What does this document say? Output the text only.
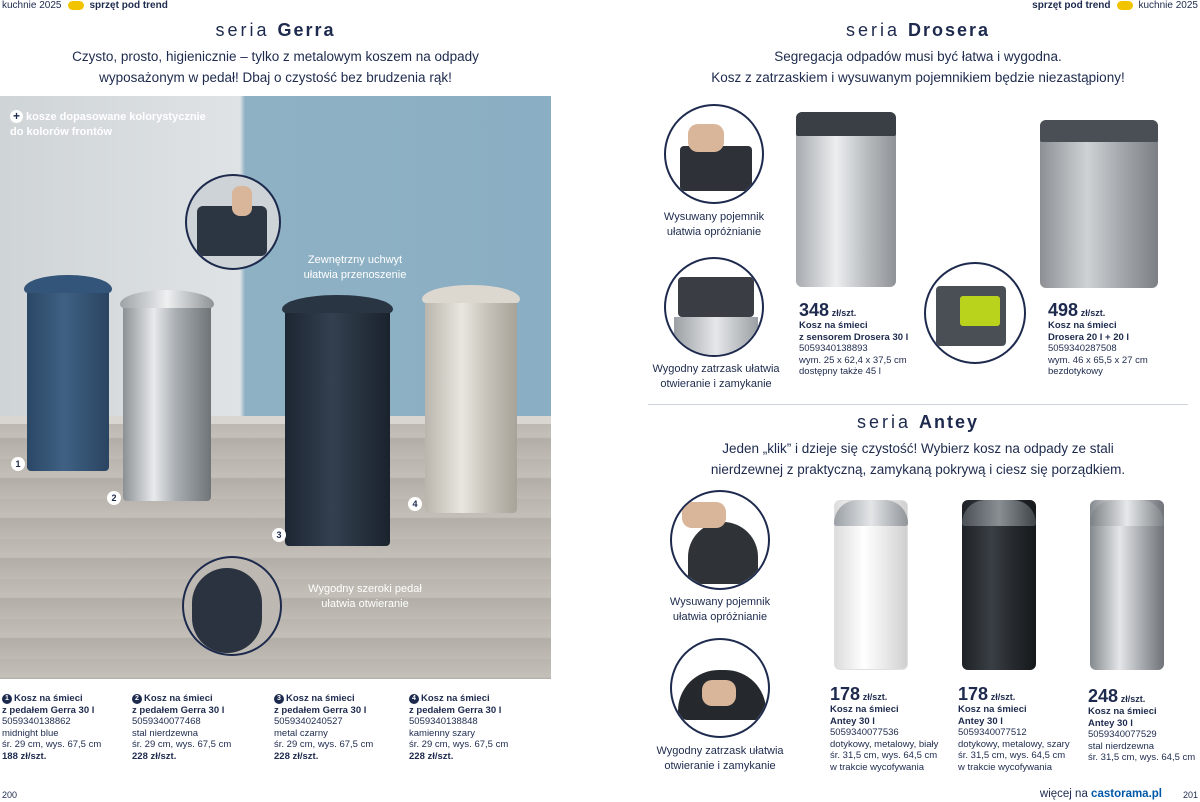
kuchnie 2025	sprzęt pod trend	sprzęt pod trend	kuchnie 2025
seria Gerra
Czysto, prosto, higienicznie – tylko z metalowym koszem na odpady
wyposażonym w pedał! Dbaj o czystość bez brudzenia rąk!
+ kosze dopasowane kolorystycznie
do kolorów frontów
1
2
3
4
Zewnętrzny uchwyt
ułatwia przenoszenie
Wygodny szeroki pedał
ułatwia otwieranie
1 Kosz na śmieci
z pedałem Gerra 30 l
5059340138862
midnight blue
śr. 29 cm, wys. 67,5 cm
188 zł/szt.
2 Kosz na śmieci
z pedałem Gerra 30 l
5059340077468
stal nierdzewna
śr. 29 cm, wys. 67,5 cm
228 zł/szt.
3 Kosz na śmieci
z pedałem Gerra 30 l
5059340240527
metal czarny
śr. 29 cm, wys. 67,5 cm
228 zł/szt.
4 Kosz na śmieci
z pedałem Gerra 30 l
5059340138848
kamienny szary
śr. 29 cm, wys. 67,5 cm
228 zł/szt.
200
seria Drosera
Segregacja odpadów musi być łatwa i wygodna.
Kosz z zatrzaskiem i wysuwanym pojemnikiem będzie niezastąpiony!
Wysuwany pojemnik
ułatwia opróżnianie
Wygodny zatrzask ułatwia
otwieranie i zamykanie
348 zł/szt.
Kosz na śmieci
z sensorem Drosera 30 l
5059340138893
wym. 25 x 62,4 x 37,5 cm
dostępny także 45 l
498 zł/szt.
Kosz na śmieci
Drosera 20 l + 20 l
5059340287508
wym. 46 x 65,5 x 27 cm
bezdotykowy
seria Antey
Jeden „klik” i dzieje się czystość! Wybierz kosz na odpady ze stali
nierdzewnej z praktyczną, zamykaną pokrywą i ciesz się porządkiem.
Wysuwany pojemnik
ułatwia opróżnianie
Wygodny zatrzask ułatwia
otwieranie i zamykanie
178 zł/szt.
Kosz na śmieci
Antey 30 l
5059340077536
dotykowy, metalowy, biały
śr. 31,5 cm, wys. 64,5 cm
w trakcie wycofywania
178 zł/szt.
Kosz na śmieci
Antey 30 l
5059340077512
dotykowy, metalowy, szary
śr. 31,5 cm, wys. 64,5 cm
w trakcie wycofywania
248 zł/szt.
Kosz na śmieci
Antey 30 l
5059340077529
stal nierdzewna
śr. 31,5 cm, wys. 64,5 cm
więcej na castorama.pl 201
